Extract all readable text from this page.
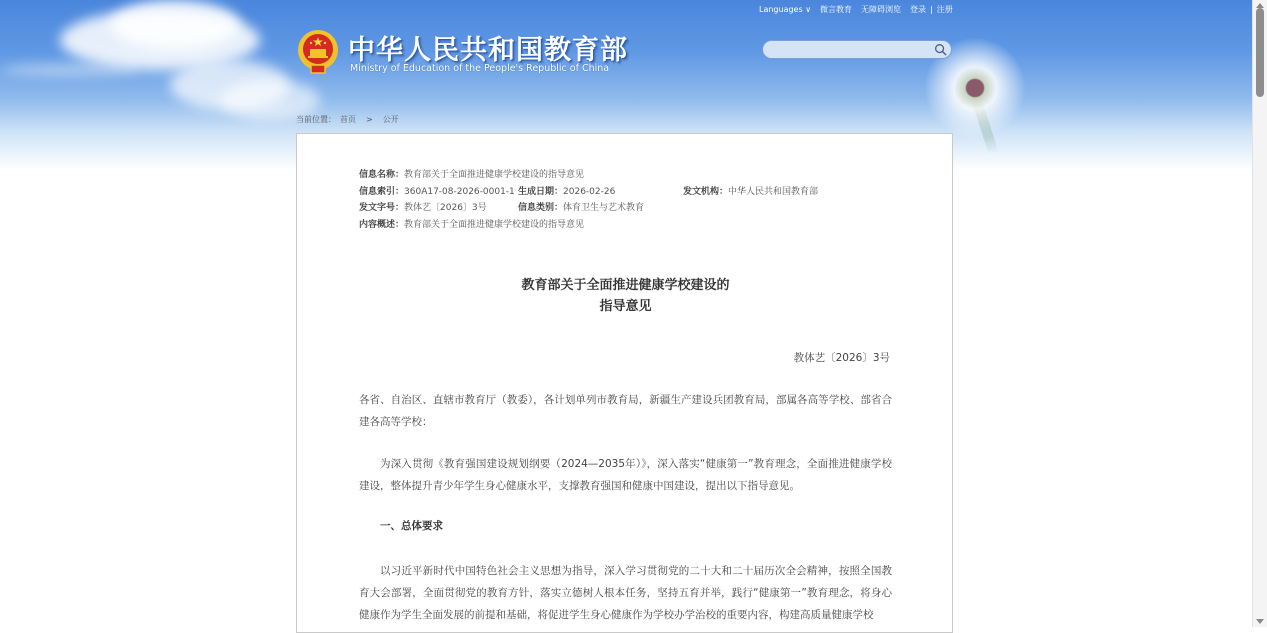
Languages ∨ 微言教育 无障碍浏览 登录 | 注册
中华人民共和国教育部
Ministry of Education of the People's Republic of China
当前位置： 首页 > 公开
信息名称：教育部关于全面推进健康学校建设的指导意见
信息索引：360A17-08-2026-0001-1 生成日期：2026-02-26	发文机构：中华人民共和国教育部
发文字号：教体艺〔2026〕3号	信息类别：体育卫生与艺术教育
内容概述：教育部关于全面推进健康学校建设的指导意见
教育部关于全面推进健康学校建设的
指导意见
教体艺〔2026〕3号
各省、自治区、直辖市教育厅（教委），各计划单列市教育局，新疆生产建设兵团教育局，部属各高等学校、部省合建各高等学校：
为深入贯彻《教育强国建设规划纲要（2024—2035年）》，深入落实“健康第一”教育理念，全面推进健康学校建设，整体提升青少年学生身心健康水平，支撑教育强国和健康中国建设，提出以下指导意见。
一、总体要求
以习近平新时代中国特色社会主义思想为指导，深入学习贯彻党的二十大和二十届历次全会精神，按照全国教育大会部署，全面贯彻党的教育方针，落实立德树人根本任务，坚持五育并举，践行“健康第一”教育理念，将身心健康作为学生全面发展的前提和基础，将促进学生身心健康作为学校办学治校的重要内容，构建高质量健康学校
